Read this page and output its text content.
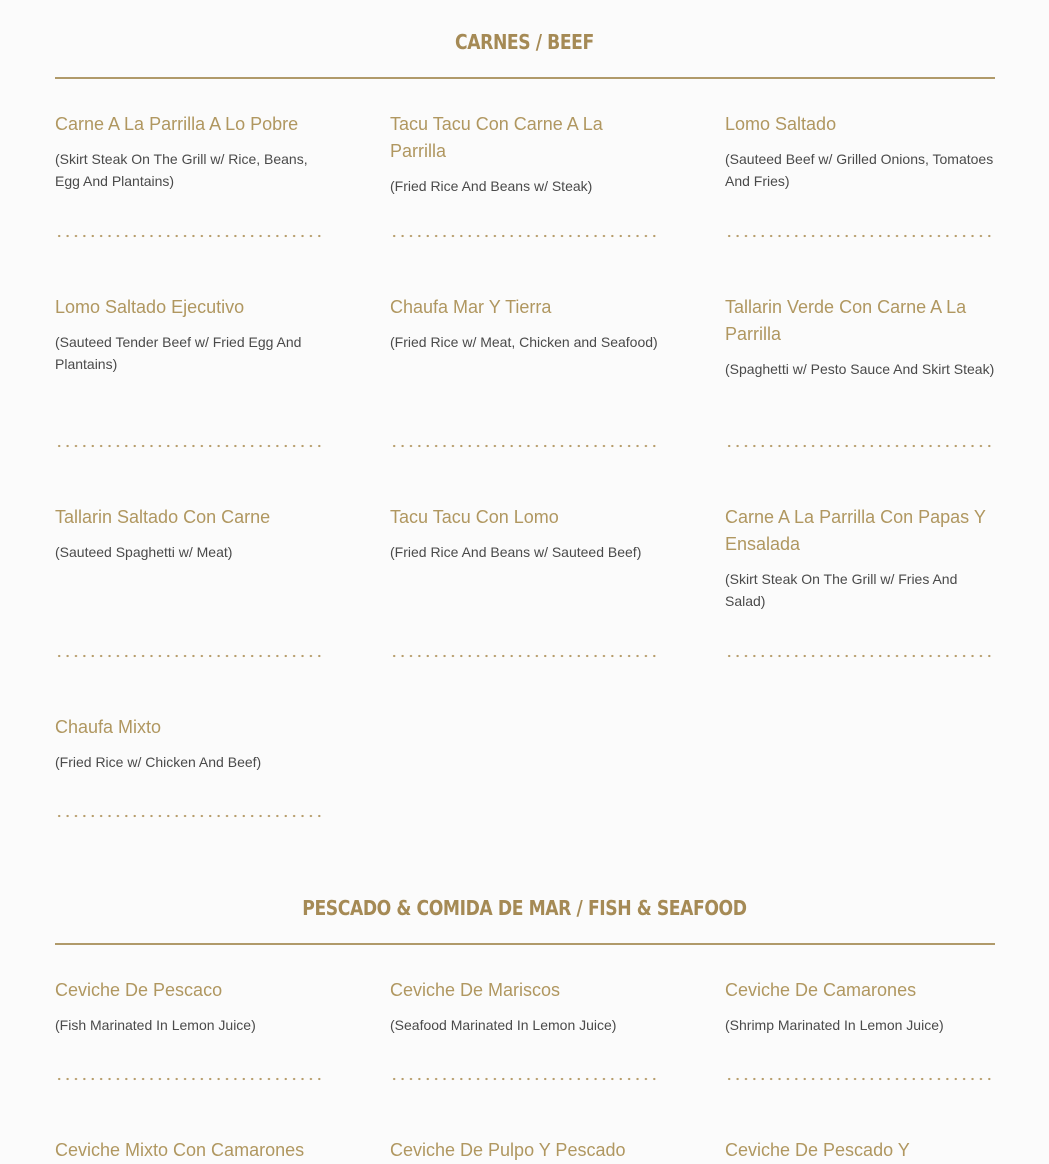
CARNES / BEEF

Carne A La Parrilla A Lo Pobre

(Skirt Steak On The Grill w/ Rice, Beans, Egg And Plantains)

Tacu Tacu Con Carne A La Parrilla

(Fried Rice And Beans w/ Steak)

Lomo Saltado

(Sauteed Beef w/ Grilled Onions, Tomatoes And Fries)

Lomo Saltado Ejecutivo

(Sauteed Tender Beef w/ Fried Egg And Plantains)

Chaufa Mar Y Tierra

(Fried Rice w/ Meat, Chicken and Seafood)

Tallarin Verde Con Carne A La Parrilla

(Spaghetti w/ Pesto Sauce And Skirt Steak)

Tallarin Saltado Con Carne

(Sauteed Spaghetti w/ Meat)

Tacu Tacu Con Lomo

(Fried Rice And Beans w/ Sauteed Beef)

Carne A La Parrilla Con Papas Y Ensalada

(Skirt Steak On The Grill w/ Fries And Salad)

Chaufa Mixto

(Fried Rice w/ Chicken And Beef)

PESCADO & COMIDA DE MAR / FISH & SEAFOOD

Ceviche De Pescaco

(Fish Marinated In Lemon Juice)

Ceviche De Mariscos

(Seafood Marinated In Lemon Juice)

Ceviche De Camarones

(Shrimp Marinated In Lemon Juice)

Ceviche Mixto Con Camarones	Ceviche De Pulpo Y Pescado	Ceviche De Pescado Y
